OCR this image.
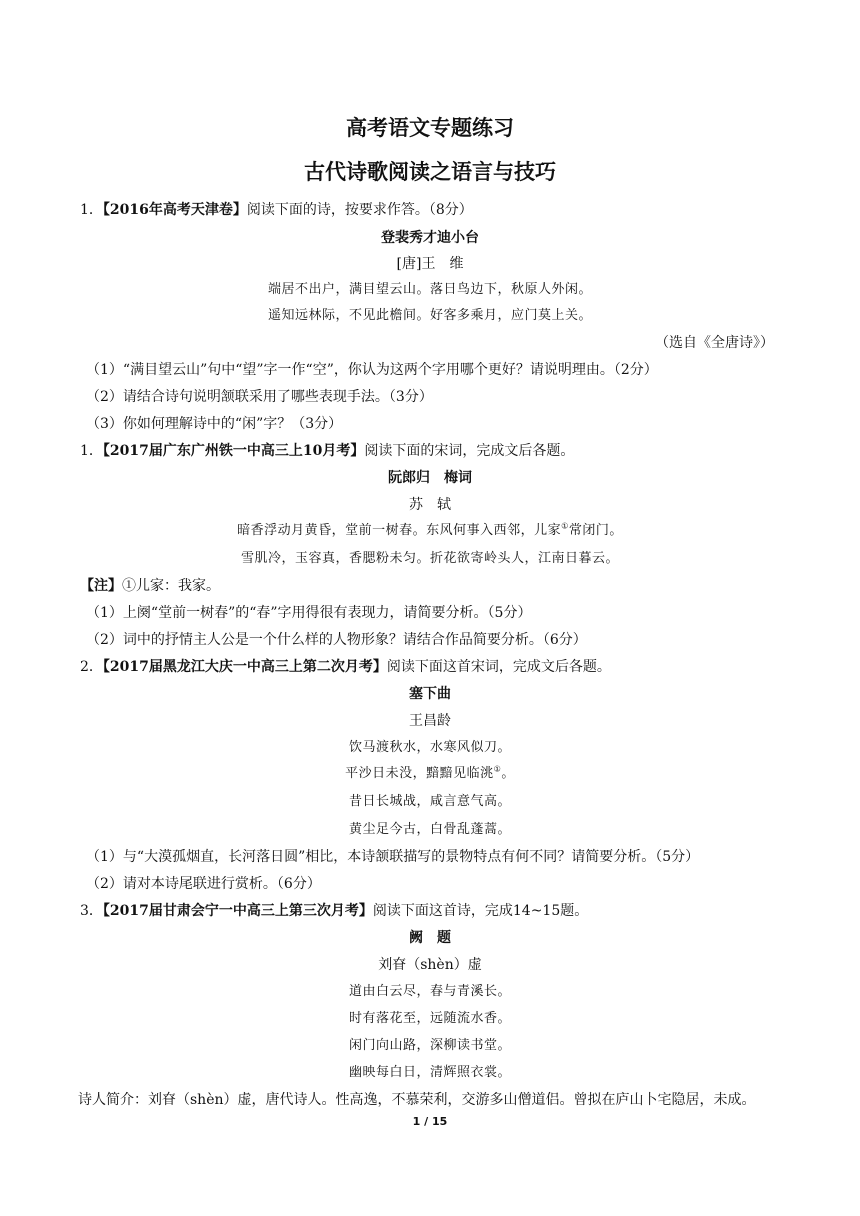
高考语文专题练习
古代诗歌阅读之语言与技巧
1．【2016年高考天津卷】阅读下面的诗，按要求作答。（8分）
登裴秀才迪小台
[唐]王　维
端居不出户，满目望云山。落日鸟边下，秋原人外闲。
遥知远林际，不见此檐间。好客多乘月，应门莫上关。
（选自《全唐诗》）
（1）“满目望云山”句中“望”字一作“空”，你认为这两个字用哪个更好？请说明理由。（2分）
（2）请结合诗句说明颔联采用了哪些表现手法。（3分）
（3）你如何理解诗中的“闲”字？（3分）
1．【2017届广东广州铁一中高三上10月考】阅读下面的宋词，完成文后各题。
阮郎归　梅词
苏　轼
暗香浮动月黄昏，堂前一树春。东风何事入西邻，儿家①常闭门。
雪肌冷，玉容真，香腮粉未匀。折花欲寄岭头人，江南日暮云。
【注】①儿家：我家。
（1）上阕“堂前一树春”的“春”字用得很有表现力，请简要分析。（5分）
（2）词中的抒情主人公是一个什么样的人物形象？请结合作品简要分析。（6分）
2．【2017届黑龙江大庆一中高三上第二次月考】阅读下面这首宋词，完成文后各题。
塞下曲
王昌龄
饮马渡秋水，水寒风似刀。
平沙日未没，黯黯见临洮①。
昔日长城战，咸言意气高。
黄尘足今古，白骨乱蓬蒿。
（1）与“大漠孤烟直，长河落日圆”相比，本诗颔联描写的景物特点有何不同？请简要分析。（5分）
（2）请对本诗尾联进行赏析。（6分）
3．【2017届甘肃会宁一中高三上第三次月考】阅读下面这首诗，完成14~15题。
阙　题
刘眘（shèn）虚
道由白云尽，春与青溪长。
时有落花至，远随流水香。
闲门向山路，深柳读书堂。
幽映每白日，清辉照衣裳。
诗人简介：刘眘（shèn）虚，唐代诗人。性高逸，不慕荣利，交游多山僧道侣。曾拟在庐山卜宅隐居，未成。
1 / 15
